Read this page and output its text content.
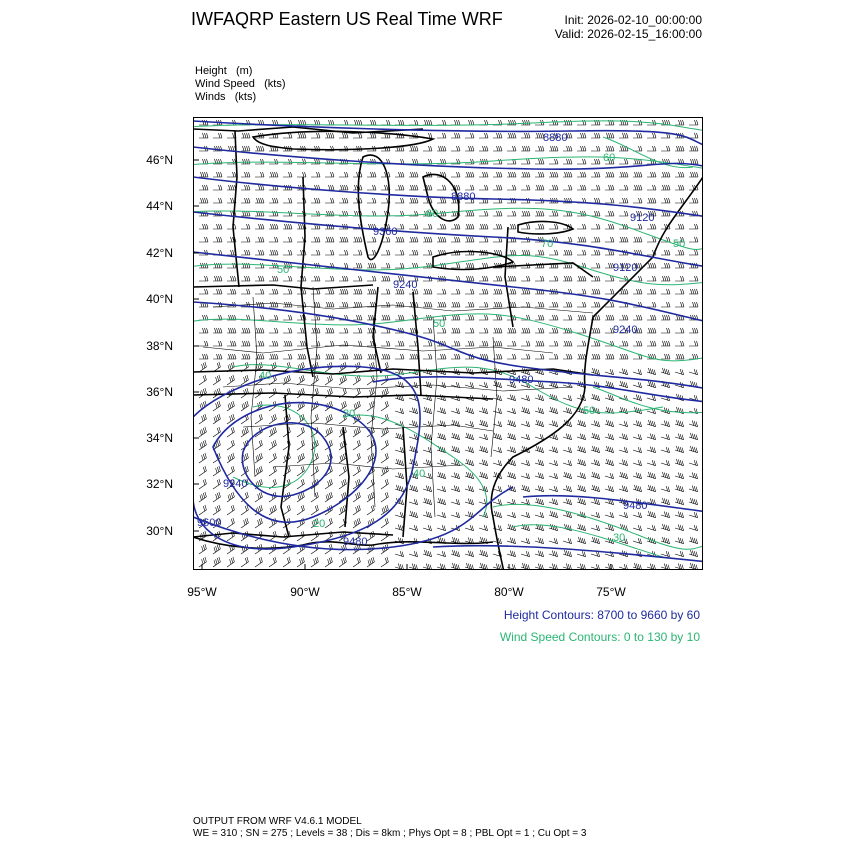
IWFAQRP Eastern US Real Time WRF	Init: 2026-02-10_00:00:00
Valid: 2026-02-15_16:00:00
Height (m)
Wind Speed (kts)
Winds (kts)
46°N
44°N
42°N
40°N
38°N
36°N
34°N
32°N
30°N
95°W	90°W	85°W	80°W	75°W
8880
8880
9120
9240
9240
9480
9360
9240
9600
9480
9480
9120
60
60
50
70
50
40
50
40
50
30
30
20
Height Contours: 8700 to 9660 by 60
Wind Speed Contours: 0 to 130 by 10
OUTPUT FROM WRF V4.6.1 MODEL
WE = 310 ; SN = 275 ; Levels = 38 ; Dis = 8km ; Phys Opt = 8 ; PBL Opt = 1 ; Cu Opt = 3
